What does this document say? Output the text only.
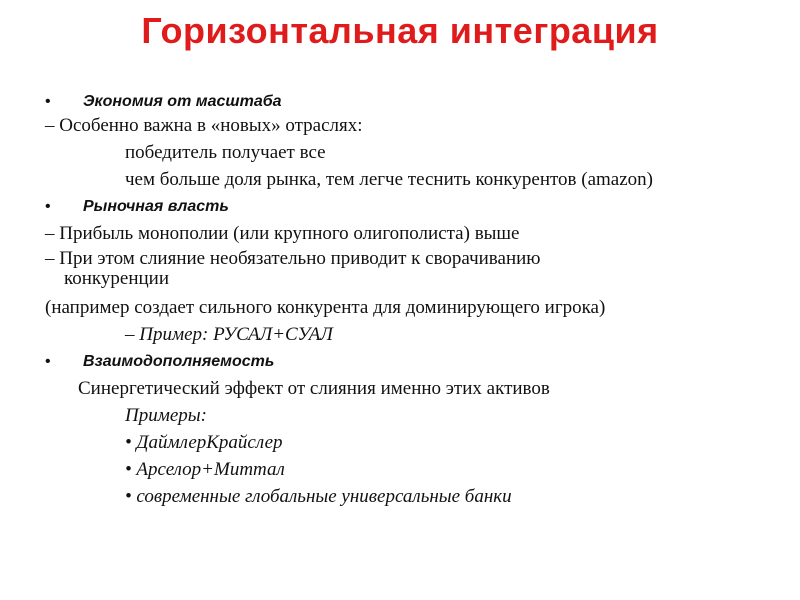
Горизонтальная интеграция
• Экономия от масштаба
– Особенно важна в «новых» отраслях:
победитель получает все
чем больше доля рынка, тем легче теснить конкурентов (amazon)
• Рыночная власть
– Прибыль монополии (или крупного олигополиста) выше
– При этом слияние необязательно приводит к сворачиванию
конкуренции
(например создает сильного конкурента для доминирующего игрока)
– Пример: РУСАЛ+СУАЛ
• Взаимодополняемость
Синергетический эффект от слияния именно этих активов
Примеры:
• ДаймлерКрайслер
• Арселор+Миттал
• современные глобальные универсальные банки
